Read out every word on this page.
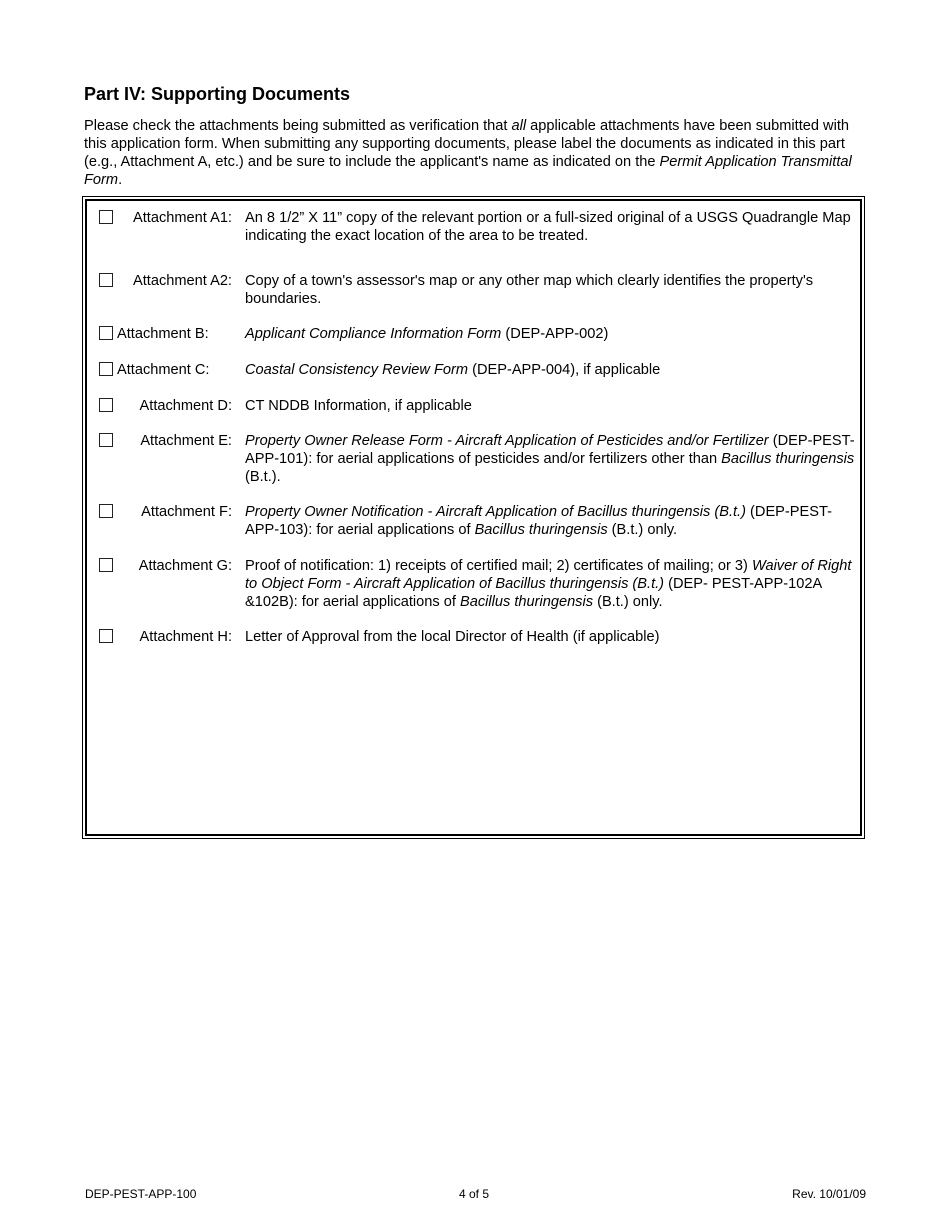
Part IV: Supporting Documents

Please check the attachments being submitted as verification that all applicable attachments have been submitted with this application form. When submitting any supporting documents, please label the documents as indicated in this part (e.g., Attachment A, etc.) and be sure to include the applicant's name as indicated on the Permit Application Transmittal Form.

Attachment A1: An 8 1/2” X 11” copy of the relevant portion or a full-sized original of a USGS Quadrangle Map indicating the exact location of the area to be treated.
Attachment A2: Copy of a town's assessor's map or any other map which clearly identifies the property's boundaries.
Attachment B:	Applicant Compliance Information Form (DEP-APP-002)
Attachment C:	Coastal Consistency Review Form (DEP-APP-004), if applicable
Attachment D: CT NDDB Information, if applicable
Attachment E: Property Owner Release Form - Aircraft Application of Pesticides and/or Fertilizer (DEP-PEST-APP-101): for aerial applications of pesticides and/or fertilizers other than Bacillus thuringensis (B.t.).
Attachment F: Property Owner Notification - Aircraft Application of Bacillus thuringensis (B.t.) (DEP-PEST-APP-103): for aerial applications of Bacillus thuringensis (B.t.) only.
Attachment G: Proof of notification: 1) receipts of certified mail; 2) certificates of mailing; or 3) Waiver of Right to Object Form - Aircraft Application of Bacillus thuringensis (B.t.) (DEP- PEST-APP-102A &102B): for aerial applications of Bacillus thuringensis (B.t.) only.
Attachment H: Letter of Approval from the local Director of Health (if applicable)
DEP-PEST-APP-100	4 of 5	Rev. 10/01/09
